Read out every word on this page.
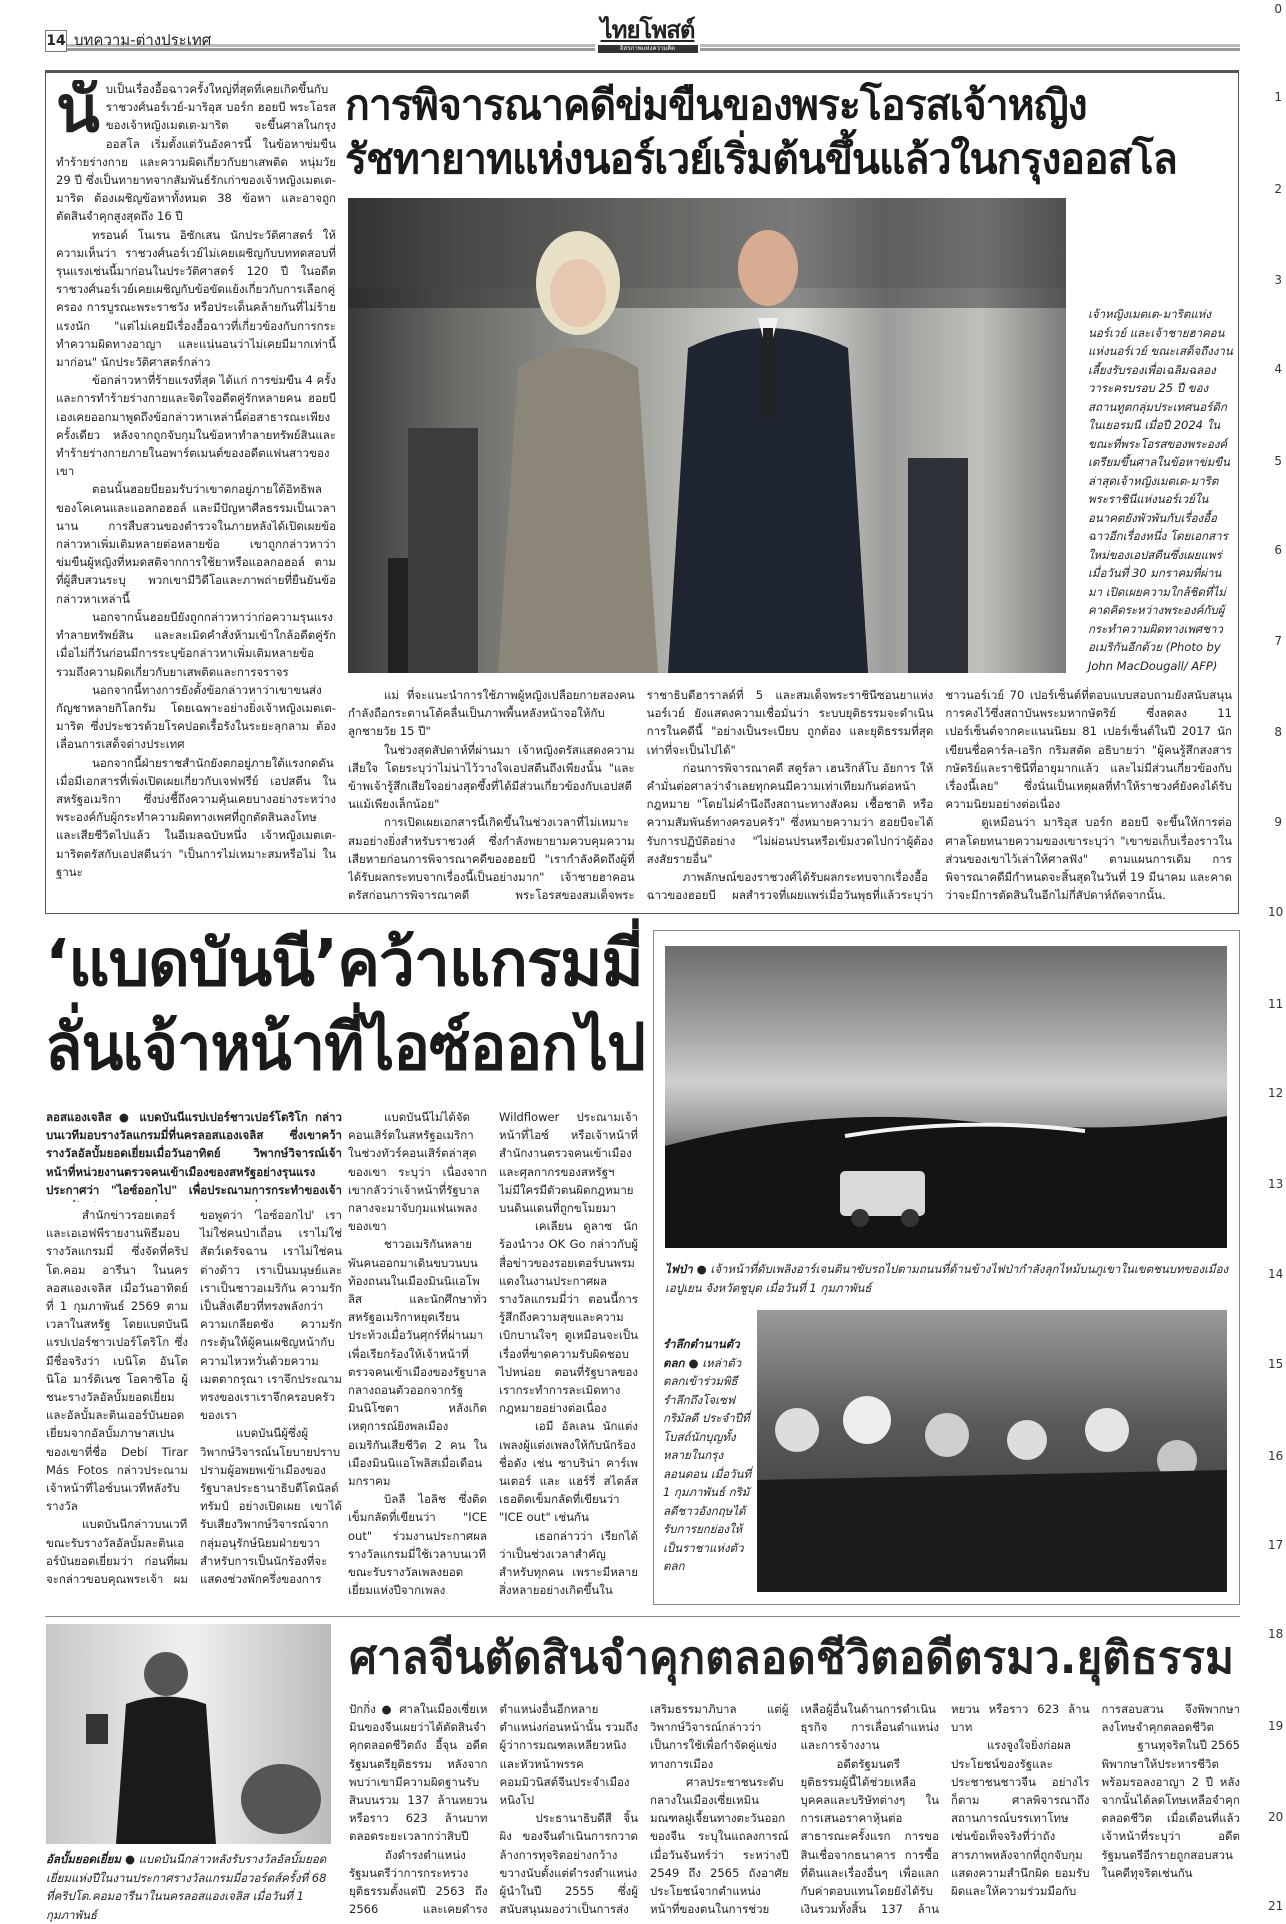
14 บทความ-ต่างประเทศ	ไทยโพสต์
อิสรภาพแห่งความคิด
0
1
2
3
4
5
6
7
8
9
10
11
12
13
14
15
16
17
18
19
20
21

นับเป็นเรื่องอื้อฉาวครั้งใหญ่ที่สุดที่เคยเกิดขึ้นกับราชวงศ์นอร์เวย์-มาริอุส บอร์ก ฮอยบี พระโอรสของเจ้าหญิงเมตเต-มาริต จะขึ้นศาลในกรุงออสโล เริ่มตั้งแต่วันอังคารนี้ ในข้อหาข่มขืน ทำร้ายร่างกาย และความผิดเกี่ยวกับยาเสพติด หนุ่มวัย 29 ปี ซึ่งเป็นทายาทจากสัมพันธ์รักเก่าของเจ้าหญิงเมตเต-มาริต ต้องเผชิญข้อหาทั้งหมด 38 ข้อหา และอาจถูกตัดสินจำคุกสูงสุดถึง 16 ปี

ทรอนด์ โนเรน อิซักเสน นักประวัติศาสตร์ ให้ความเห็นว่า ราชวงศ์นอร์เวย์ไม่เคยเผชิญกับบททดสอบที่รุนแรงเช่นนี้มาก่อนในประวัติศาสตร์ 120 ปี ในอดีตราชวงศ์นอร์เวย์เคยเผชิญกับข้อขัดแย้งเกี่ยวกับการเลือกคู่ครอง การบูรณะพระราชวัง หรือประเด็นคล้ายกันที่ไม่ร้ายแรงนัก "แต่ไม่เคยมีเรื่องอื้อฉาวที่เกี่ยวข้องกับการกระทำความผิดทางอาญา และแน่นอนว่าไม่เคยมีมากเท่านี้มาก่อน" นักประวัติศาสตร์กล่าว

ข้อกล่าวหาที่ร้ายแรงที่สุด ได้แก่ การข่มขืน 4 ครั้ง และการทำร้ายร่างกายและจิตใจอดีตคู่รักหลายคน ฮอยบีเองเคยออกมาพูดถึงข้อกล่าวหาเหล่านี้ต่อสาธารณะเพียงครั้งเดียว หลังจากถูกจับกุมในข้อหาทำลายทรัพย์สินและทำร้ายร่างกายภายในอพาร์ตเมนต์ของอดีตแฟนสาวของเขา

ตอนนั้นฮอยบียอมรับว่าเขาตกอยู่ภายใต้อิทธิพลของโคเคนและแอลกอฮอล์ และมีปัญหาศีลธรรมเป็นเวลานาน การสืบสวนของตำรวจในภายหลังได้เปิดเผยข้อกล่าวหาเพิ่มเติมหลายต่อหลายข้อ เขาถูกกล่าวหาว่าข่มขืนผู้หญิงที่หมดสติจากการใช้ยาหรือแอลกอฮอล์ ตามที่ผู้สืบสวนระบุ พวกเขามีวิดีโอและภาพถ่ายที่ยืนยันข้อกล่าวหาเหล่านี้

นอกจากนั้นฮอยบียังถูกกล่าวหาว่าก่อความรุนแรงทำลายทรัพย์สิน และละเมิดคำสั่งห้ามเข้าใกล้อดีตคู่รัก เมื่อไม่กี่วันก่อนมีการระบุข้อกล่าวหาเพิ่มเติมหลายข้อ รวมถึงความผิดเกี่ยวกับยาเสพติดและการจราจร

นอกจากนี้ทางการยังตั้งข้อกล่าวหาว่าเขาขนส่งกัญชาหลายกิโลกรัม โดยเฉพาะอย่างยิ่งเจ้าหญิงเมตเต-มาริต ซึ่งประชวรด้วยโรคปอดเรื้อรังในระยะลุกลาม ต้องเลื่อนการเสด็จต่างประเทศ

นอกจากนี้ฝ่ายราชสำนักยังตกอยู่ภายใต้แรงกดดันเมื่อมีเอกสารที่เพิ่งเปิดเผยเกี่ยวกับเจฟฟรีย์ เอปสตีน ในสหรัฐอเมริกา ซึ่งบ่งชี้ถึงความคุ้นเคยบางอย่างระหว่างพระองค์กับผู้กระทำความผิดทางเพศที่ถูกตัดสินลงโทษและเสียชีวิตไปแล้ว ในอีเมลฉบับหนึ่ง เจ้าหญิงเมตเต-มาริตตรัสกับเอปสตีนว่า "เป็นการไม่เหมาะสมหรือไม่ ในฐานะ

การพิจารณาคดีข่มขืนของพระโอรสเจ้าหญิง
รัชทายาทแห่งนอร์เวย์เริ่มต้นขึ้นแล้วในกรุงออสโล
เจ้าหญิงเมตเต-มาริตแห่งนอร์เวย์ และเจ้าชายฮาคอนแห่งนอร์เวย์ ขณะเสด็จถึงงานเลี้ยงรับรองเพื่อเฉลิมฉลองวาระครบรอบ 25 ปี ของสถานทูตกลุ่มประเทศนอร์ดิกในเยอรมนี เมื่อปี 2024 ในขณะที่พระโอรสของพระองค์เตรียมขึ้นศาลในข้อหาข่มขืน ล่าสุดเจ้าหญิงเมตเต-มาริต พระราชินีแห่งนอร์เวย์ในอนาคตยังพัวพันกับเรื่องอื้อฉาวอีกเรื่องหนึ่ง โดยเอกสารใหม่ของเอปสตีนซึ่งเผยแพร่เมื่อวันที่ 30 มกราคมที่ผ่านมา เปิดเผยความใกล้ชิดที่ไม่คาดคิดระหว่างพระองค์กับผู้กระทำความผิดทางเพศชาวอเมริกันอีกด้วย (Photo by John MacDougall/ AFP)

แม่ ที่จะแนะนำการใช้ภาพผู้หญิงเปลือยกายสองคนกำลังถือกระดานโต้คลื่นเป็นภาพพื้นหลังหน้าจอให้กับลูกชายวัย 15 ปี"

ในช่วงสุดสัปดาห์ที่ผ่านมา เจ้าหญิงตรัสแสดงความเสียใจ โดยระบุว่าไม่น่าไว้วางใจเอปสตีนถึงเพียงนั้น "และข้าพเจ้ารู้สึกเสียใจอย่างสุดซึ้งที่ได้มีส่วนเกี่ยวข้องกับเอปสตีนแม้เพียงเล็กน้อย"

การเปิดเผยเอกสารนี้เกิดขึ้นในช่วงเวลาที่ไม่เหมาะสมอย่างยิ่งสำหรับราชวงศ์ ซึ่งกำลังพยายามควบคุมความเสียหายก่อนการพิจารณาคดีของฮอยบี "เรากำลังคิดถึงผู้ที่ได้รับผลกระทบจากเรื่องนี้เป็นอย่างมาก" เจ้าชายฮาคอนตรัสก่อนการพิจารณาคดี พระโอรสของสมเด็จพระราชาธิบดีฮาราลด์ที่ 5 และสมเด็จพระราชินีซอนยาแห่งนอร์เวย์ ยังแสดงความเชื่อมั่นว่า ระบบยุติธรรมจะดำเนินการในคดีนี้ "อย่างเป็นระเบียบ ถูกต้อง และยุติธรรมที่สุดเท่าที่จะเป็นไปได้"

ก่อนการพิจารณาคดี สตูร์ลา เฮนริกส์โบ อัยการ ให้คำมั่นต่อศาลว่าจำเลยทุกคนมีความเท่าเทียมกันต่อหน้ากฎหมาย "โดยไม่คำนึงถึงสถานะทางสังคม เชื้อชาติ หรือความสัมพันธ์ทางครอบครัว" ซึ่งหมายความว่า ฮอยบีจะได้รับการปฏิบัติอย่าง "ไม่ผ่อนปรนหรือเข้มงวดไปกว่าผู้ต้องสงสัยรายอื่น"

ภาพลักษณ์ของราชวงศ์ได้รับผลกระทบจากเรื่องอื้อฉาวของฮอยบี ผลสำรวจที่เผยแพร่เมื่อวันพุธที่แล้วระบุว่า ชาวนอร์เวย์ 70 เปอร์เซ็นต์ที่ตอบแบบสอบถามยังสนับสนุนการคงไว้ซึ่งสถาบันพระมหากษัตริย์ ซึ่งลดลง 11 เปอร์เซ็นต์จากคะแนนนิยม 81 เปอร์เซ็นต์ในปี 2017 นักเขียนชื่อคาร์ล-เอริก กริมสตัด อธิบายว่า "ผู้คนรู้สึกสงสารกษัตริย์และราชินีที่อายุมากแล้ว และไม่มีส่วนเกี่ยวข้องกับเรื่องนี้เลย" ซึ่งนั่นเป็นเหตุผลที่ทำให้ราชวงศ์ยังคงได้รับความนิยมอย่างต่อเนื่อง

ดูเหมือนว่า มาริอุส บอร์ก ฮอยบี จะขึ้นให้การต่อศาลโดยทนายความของเขาระบุว่า "เขาขอเก็บเรื่องราวในส่วนของเขาไว้เล่าให้ศาลฟัง" ตามแผนการเดิม การพิจารณาคดีมีกำหนดจะสิ้นสุดในวันที่ 19 มีนาคม และคาดว่าจะมีการตัดสินในอีกไม่กี่สัปดาห์ถัดจากนั้น.

‘แบดบันนี’คว้าแกรมมี่
ลั่นเจ้าหน้าที่ไอซ์ออกไป

ลอสแองเจลิส ● แบดบันนีแรปเปอร์ชาวเปอร์โตริโก กล่าวบนเวทีมอบรางวัลแกรมมี่ที่นครลอสแองเจลิส ซึ่งเขาคว้ารางวัลอัลบั้มยอดเยี่ยมเมื่อวันอาทิตย์ วิพากษ์วิจารณ์เจ้าหน้าที่หน่วยงานตรวจคนเข้าเมืองของสหรัฐอย่างรุนแรง ประกาศว่า "ไอซ์ออกไป" เพื่อประณามการกระทำของเจ้า

สำนักข่าวรอยเตอร์และเอเอฟพีรายงานพิธีมอบรางวัลแกรมมี่ ซึ่งจัดที่คริปโต.คอม อารีนา ในนครลอสแองเจลิส เมื่อวันอาทิตย์ที่ 1 กุมภาพันธ์ 2569 ตามเวลาในสหรัฐ โดยแบดบันนีแรปเปอร์ชาวเปอร์โตริโก ซึ่งมีชื่อจริงว่า เบนิโต อันโตนิโอ มาร์ติเนซ โอคาซิโอ ผู้ชนะรางวัลอัลบั้มยอดเยี่ยมและอัลบั้มละตินเออร์บันยอดเยี่ยมจากอัลบั้มภาษาสเปนของเขาที่ชื่อ Debí Tirar Más Fotos กล่าวประณามเจ้าหน้าที่ไอซ์บนเวทีหลังรับรางวัล

แบดบันนีกล่าวบนเวทีขณะรับรางวัลอัลบั้มละตินเออร์บันยอดเยี่ยมว่า ก่อนที่ผมจะกล่าวขอบคุณพระเจ้า ผมขอพูดว่า 'ไอซ์ออกไป' เราไม่ใช่คนป่าเถื่อน เราไม่ใช่สัตว์เดรัจฉาน เราไม่ใช่คนต่างด้าว เราเป็นมนุษย์และเราเป็นชาวอเมริกัน ความรักเป็นสิ่งเดียวที่ทรงพลังกว่าความเกลียดชัง ความรักกระตุ้นให้ผู้คนเผชิญหน้ากับความไหวหวั่นด้วยความเมตตากรุณา เราจึกประณามทรงของเราเราจึกครอบครัวของเรา

แบดบันนีผู้ซึ่งผู้วิพากษ์วิจารณ์นโยบายปราบปรามผู้อพยพเข้าเมืองของรัฐบาลประธานาธิบดีโดนัลด์ ทรัมป์ อย่างเปิดเผย เขาได้รับเสียงวิพากษ์วิจารณ์จากกลุ่มอนุรักษ์นิยมฝ่ายขวาสำหรับการเป็นนักร้องที่จะแสดงช่วงพักครึ่งของการ

แบดบันนีไม่ได้จัดคอนเสิร์ตในสหรัฐอเมริกาในช่วงทัวร์คอนเสิร์ตล่าสุดของเขา ระบุว่า เนื่องจากเขากลัวว่าเจ้าหน้าที่รัฐบาลกลางจะมาจับกุมแฟนเพลงของเขา

ชาวอเมริกันหลายพันคนออกมาเดินขบวนบนท้องถนนในเมืองมินนิแอโพลิส และนักศึกษาทั่วสหรัฐอเมริกาหยุดเรียนประท้วงเมื่อวันศุกร์ที่ผ่านมา เพื่อเรียกร้องให้เจ้าหน้าที่ตรวจคนเข้าเมืองของรัฐบาลกลางถอนตัวออกจากรัฐมินนิโซตา หลังเกิดเหตุการณ์ยิงพลเมืองอเมริกันเสียชีวิต 2 คน ในเมืองมินนิแอโพลิสเมื่อเดือนมกราคม

บิลลี ไอลิช ซึ่งติดเข็มกลัดที่เขียนว่า "ICE out" ร่วมงานประกาศผลรางวัลแกรมมี่ใช้เวลาบนเวทีขณะรับรางวัลเพลงยอดเยี่ยมแห่งปีจากเพลง Wildflower ประณามเจ้าหน้าที่ไอซ์ หรือเจ้าหน้าที่สำนักงานตรวจคนเข้าเมืองและศุลกากรของสหรัฐฯ ไม่มีใครมีตัวตนผิดกฎหมายบนดินแดนที่ถูกขโมยมา

เคเลียน ดูลาซ นักร้องนำวง OK Go กล่าวกับผู้สื่อข่าวของรอยเตอร์บนพรมแดงในงานประกาศผลรางวัลแกรมมี่ว่า ตอนนี้การรู้สึกถึงความสุขและความเบิกบานใจๆ ดูเหมือนจะเป็นเรื่องที่ขาดความรับผิดชอบไปหน่อย ตอนที่รัฐบาลของเรากระทำการละเมิดทางกฎหมายอย่างต่อเนื่อง

เอมี อัลเลน นักแต่งเพลงผู้แต่งเพลงให้กับนักร้องชื่อดัง เช่น ซาบริน่า คาร์เพนเตอร์ และ แฮร์รี่ สไตล์ส เธอติดเข็มกลัดที่เขียนว่า "ICE out" เช่นกัน

เธอกล่าวว่า เรียกได้ว่าเป็นช่วงเวลาสำคัญสำหรับทุกคน เพราะมีหลายสิ่งหลายอย่างเกิดขึ้นใน

ไฟป่า ● เจ้าหน้าที่ดับเพลิงอาร์เจนตินาขับรถไปตามถนนที่ด้านข้างไฟป่ากำลังลุกไหม้บนภูเขาในเขตชนบทของเมืองเอปูเยน จังหวัดชูบุต เมื่อวันที่ 1 กุมภาพันธ์
รำลึกตำนานตัวตลก ● เหล่าตัวตลกเข้าร่วมพิธีรำลึกถึงโจเซฟ กริมัลดี ประจำปีที่โบสถ์นักบุญทั้งหลายในกรุงลอนดอน เมื่อวันที่ 1 กุมภาพันธ์ กริมัลดีชาวอังกฤษได้รับการยกย่องให้เป็นราชาแห่งตัวตลก
อัลบั้มยอดเยี่ยม ● แบดบันนีกล่าวหลังรับรางวัลอัลบั้มยอดเยี่ยมแห่งปีในงานประกาศรางวัลแกรมมี่อวอร์ดส์ครั้งที่ 68 ที่คริปโต.คอมอารีนาในนครลอสแองเจลิส เมื่อวันที่ 1 กุมภาพันธ์
ศาลจีนตัดสินจำคุกตลอดชีวิตอดีตรมว.ยุติธรรม

ปักกิ่ง ● ศาลในเมืองเซี่ยเหมินของจีนเผยว่าได้ตัดสินจำคุกตลอดชีวิตถัง อี้จุน อดีตรัฐมนตรียุติธรรม หลังจากพบว่าเขามีความผิดฐานรับสินบนรวม 137 ล้านหยวน หรือราว 623 ล้านบาท ตลอดระยะเวลากว่าสิบปี

ถังดำรงตำแหน่งรัฐมนตรีว่าการกระทรวงยุติธรรมตั้งแต่ปี 2563 ถึง 2566 และเคยดำรงตำแหน่งอื่นอีกหลายตำแหน่งก่อนหน้านั้น รวมถึงผู้ว่าการมณฑลเหลียวหนิง และหัวหน้าพรรคคอมมิวนิสต์จีนประจำเมืองหนิงโป

ประธานาธิบดีสี จิ้นผิง ของจีนดำเนินการกวาดล้างการทุจริตอย่างกว้างขวางนับตั้งแต่ดำรงตำแหน่งผู้นำในปี 2555 ซึ่งผู้สนับสนุนมองว่าเป็นการส่งเสริมธรรมาภิบาล แต่ผู้วิพากษ์วิจารณ์กล่าวว่าเป็นการใช้เพื่อกำจัดคู่แข่งทางการเมือง

ศาลประชาชนระดับกลางในเมืองเซี่ยเหมิน มณฑลฝูเจี้ยนทางตะวันออกของจีน ระบุในแถลงการณ์เมื่อวันจันทร์ว่า ระหว่างปี 2549 ถึง 2565 ถังอาศัยประโยชน์จากตำแหน่งหน้าที่ของตนในการช่วยเหลือผู้อื่นในด้านการดำเนินธุรกิจ การเลื่อนตำแหน่ง และการจ้างงาน

อดีตรัฐมนตรียุติธรรมผู้นี้ได้ช่วยเหลือบุคคลและบริษัทต่างๆ ในการเสนอราคาหุ้นต่อสาธารณะครั้งแรก การขอสินเชื่อจากธนาคาร การซื้อที่ดินและเรื่องอื่นๆ เพื่อแลกกับค่าตอบแทนโดยยังได้รับเงินรวมทั้งสิ้น 137 ล้านหยวน หรือราว 623 ล้านบาท

แรงจูงใจยิ่งก่อผลประโยชน์ของรัฐและประชาชนชาวจีน อย่างไรก็ตาม ศาลพิจารณาถึงสถานการณ์บรรเทาโทษ เช่นข้อเท็จจริงที่ว่าถังสารภาพหลังจากที่ถูกจับกุม แสดงความสำนึกผิด ยอมรับผิดและให้ความร่วมมือกับการสอบสวน จึงพิพากษาลงโทษจำคุกตลอดชีวิต

ฐานทุจริตในปี 2565 พิพากษาให้ประหารชีวิตพร้อมรอลงอาญา 2 ปี หลังจากนั้นได้ลดโทษเหลือจำคุกตลอดชีวิต เมื่อเดือนที่แล้วเจ้าหน้าที่ระบุว่า อดีตรัฐมนตรีอีกรายถูกสอบสวนในคดีทุจริตเช่นกัน
